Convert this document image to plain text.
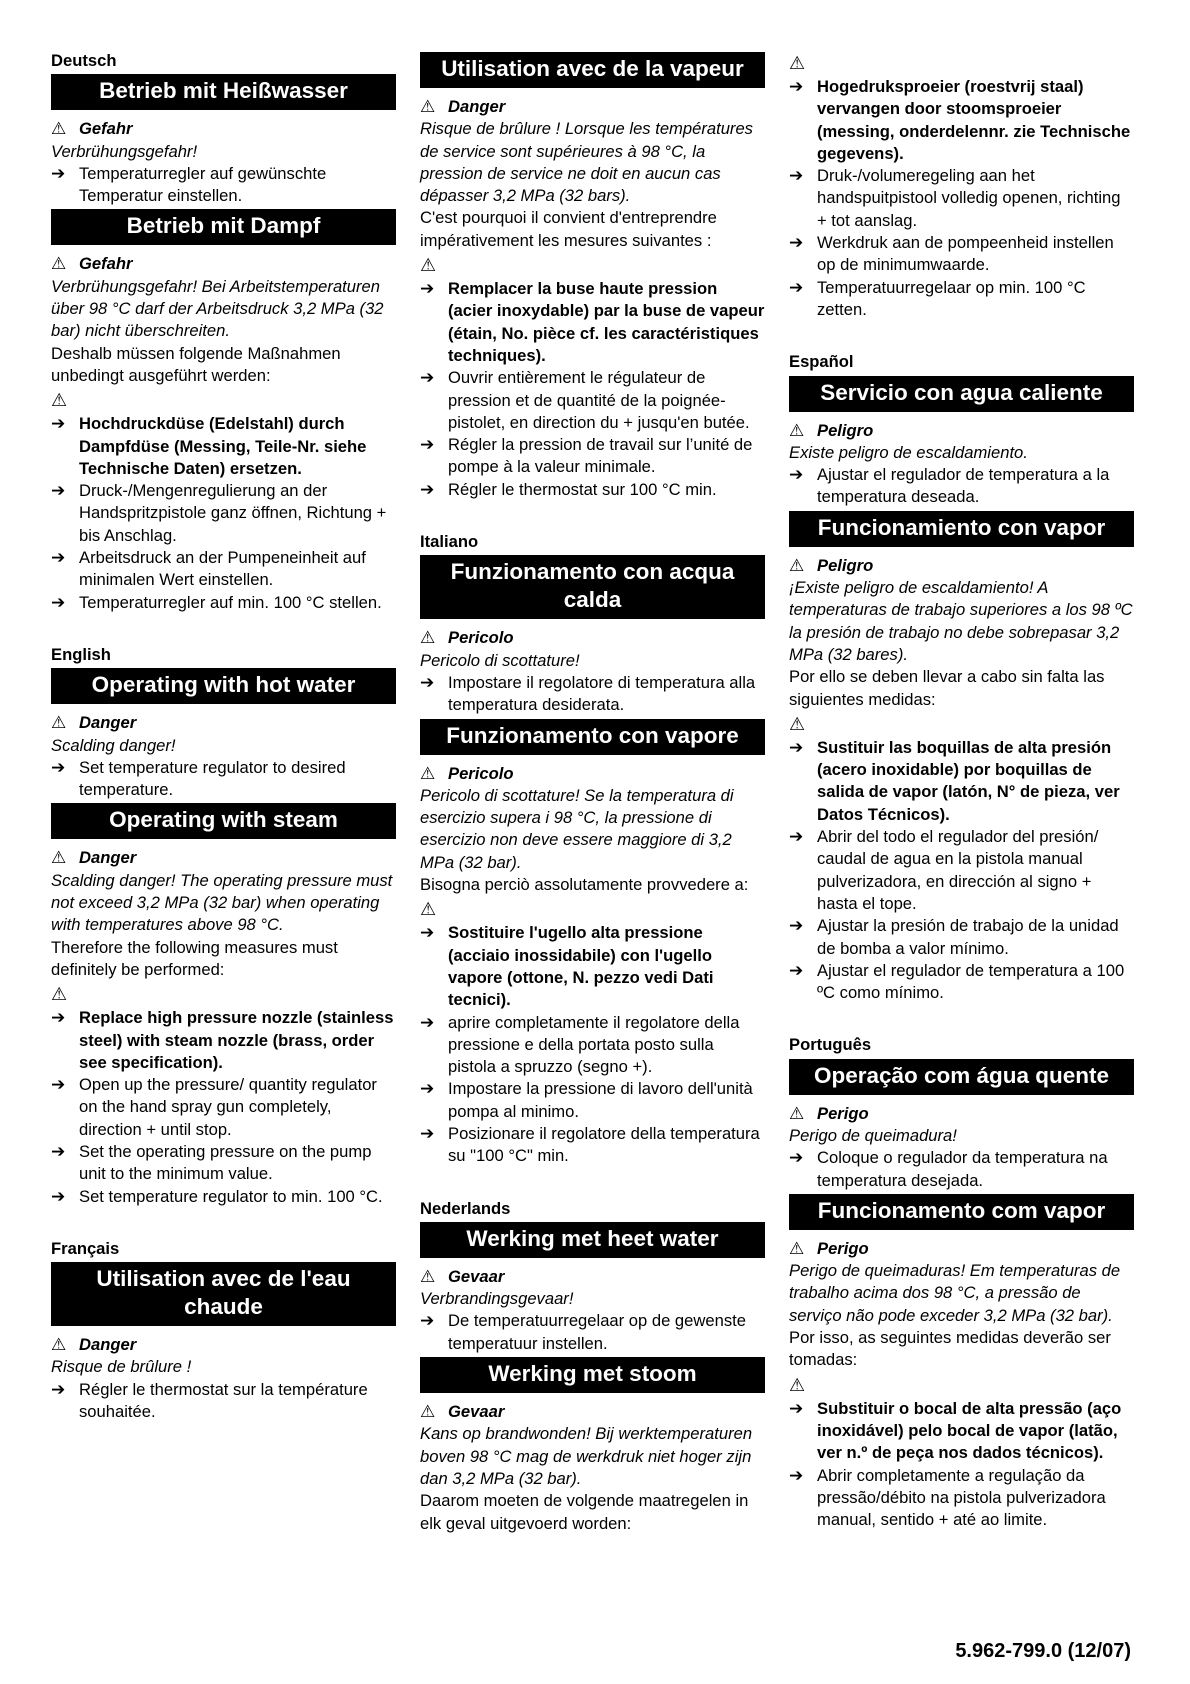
Deutsch
Betrieb mit Heißwasser
⚠ Gefahr
Verbrühungsgefahr!
➔ Temperaturregler auf gewünschte Temperatur einstellen.
Betrieb mit Dampf
⚠ Gefahr
Verbrühungsgefahr! Bei Arbeitstemperaturen über 98 °C darf der Arbeitsdruck 3,2 MPa (32 bar) nicht überschreiten.
Deshalb müssen folgende Maßnahmen unbedingt ausgeführt werden:
⚠
➔ Hochdruckdüse (Edelstahl) durch Dampfdüse (Messing, Teile-Nr. siehe Technische Daten) ersetzen.
➔ Druck-/Mengenregulierung an der Handspritzpistole ganz öffnen, Richtung + bis Anschlag.
➔ Arbeitsdruck an der Pumpeneinheit auf minimalen Wert einstellen.
➔ Temperaturregler auf min. 100 °C stellen.
English
Operating with hot water
⚠ Danger
Scalding danger!
➔ Set temperature regulator to desired temperature.
Operating with steam
⚠ Danger
Scalding danger! The operating pressure must not exceed 3,2 MPa (32 bar) when operating with temperatures above 98 °C.
Therefore the following measures must definitely be performed:
⚠
➔ Replace high pressure nozzle (stainless steel) with steam nozzle (brass, order see specification).
➔ Open up the pressure/ quantity regulator on the hand spray gun completely, direction + until stop.
➔ Set the operating pressure on the pump unit to the minimum value.
➔ Set temperature regulator to min. 100 °C.
Français
Utilisation avec de l'eau chaude
⚠ Danger
Risque de brûlure !
➔ Régler le thermostat sur la température souhaitée.
Utilisation avec de la vapeur
⚠ Danger
Risque de brûlure ! Lorsque les températures de service sont supérieures à 98 °C, la pression de service ne doit en aucun cas dépasser 3,2 MPa (32 bars).
C'est pourquoi il convient d'entreprendre impérativement les mesures suivantes :
⚠
➔ Remplacer la buse haute pression (acier inoxydable) par la buse de vapeur (étain, No. pièce cf. les caractéristiques techniques).
➔ Ouvrir entièrement le régulateur de pression et de quantité de la poignée-pistolet, en direction du + jusqu'en butée.
➔ Régler la pression de travail sur l’unité de pompe à la valeur minimale.
➔ Régler le thermostat sur 100 °C min.
Italiano
Funzionamento con acqua calda
⚠ Pericolo
Pericolo di scottature!
➔ Impostare il regolatore di temperatura alla temperatura desiderata.
Funzionamento con vapore
⚠ Pericolo
Pericolo di scottature! Se la temperatura di esercizio supera i 98 °C, la pressione di esercizio non deve essere maggiore di 3,2 MPa (32 bar).
Bisogna perciò assolutamente provvedere a:
⚠
➔ Sostituire l'ugello alta pressione (acciaio inossidabile) con l'ugello vapore (ottone, N. pezzo vedi Dati tecnici).
➔ aprire completamente il regolatore della pressione e della portata posto sulla pistola a spruzzo (segno +).
➔ Impostare la pressione di lavoro dell'unità pompa al minimo.
➔ Posizionare il regolatore della temperatura su "100 °C" min.
Nederlands
Werking met heet water
⚠ Gevaar
Verbrandingsgevaar!
➔ De temperatuurregelaar op de gewenste temperatuur instellen.
Werking met stoom
⚠ Gevaar
Kans op brandwonden! Bij werktemperaturen boven 98 °C mag de werkdruk niet hoger zijn dan 3,2 MPa (32 bar).
Daarom moeten de volgende maatregelen in elk geval uitgevoerd worden:
⚠
➔ Hogedruksproeier (roestvrij staal) vervangen door stoomsproeier (messing, onderdelennr. zie Technische gegevens).
➔ Druk-/volumeregeling aan het handspuitpistool volledig openen, richting + tot aanslag.
➔ Werkdruk aan de pompeenheid instellen op de minimumwaarde.
➔ Temperatuurregelaar op min. 100 °C zetten.
Español
Servicio con agua caliente
⚠ Peligro
Existe peligro de escaldamiento.
➔ Ajustar el regulador de temperatura a la temperatura deseada.
Funcionamiento con vapor
⚠ Peligro
¡Existe peligro de escaldamiento! A temperaturas de trabajo superiores a los 98 ºC la presión de trabajo no debe sobrepasar 3,2 MPa (32 bares).
Por ello se deben llevar a cabo sin falta las siguientes medidas:
⚠
➔ Sustituir las boquillas de alta presión (acero inoxidable) por boquillas de salida de vapor (latón, N° de pieza, ver Datos Técnicos).
➔ Abrir del todo el regulador del presión/ caudal de agua en la pistola manual pulverizadora, en dirección al signo + hasta el tope.
➔ Ajustar la presión de trabajo de la unidad de bomba a valor mínimo.
➔ Ajustar el regulador de temperatura a 100 ºC como mínimo.
Português
Operação com água quente
⚠ Perigo
Perigo de queimadura!
➔ Coloque o regulador da temperatura na temperatura desejada.
Funcionamento com vapor
⚠ Perigo
Perigo de queimaduras! Em temperaturas de trabalho acima dos 98 °C, a pressão de serviço não pode exceder 3,2 MPa (32 bar).
Por isso, as seguintes medidas deverão ser tomadas:
⚠
➔ Substituir o bocal de alta pressão (aço inoxidável) pelo bocal de vapor (latão, ver n.º de peça nos dados técnicos).
➔ Abrir completamente a regulação da pressão/débito na pistola pulverizadora manual, sentido + até ao limite.
5.962-799.0 (12/07)
